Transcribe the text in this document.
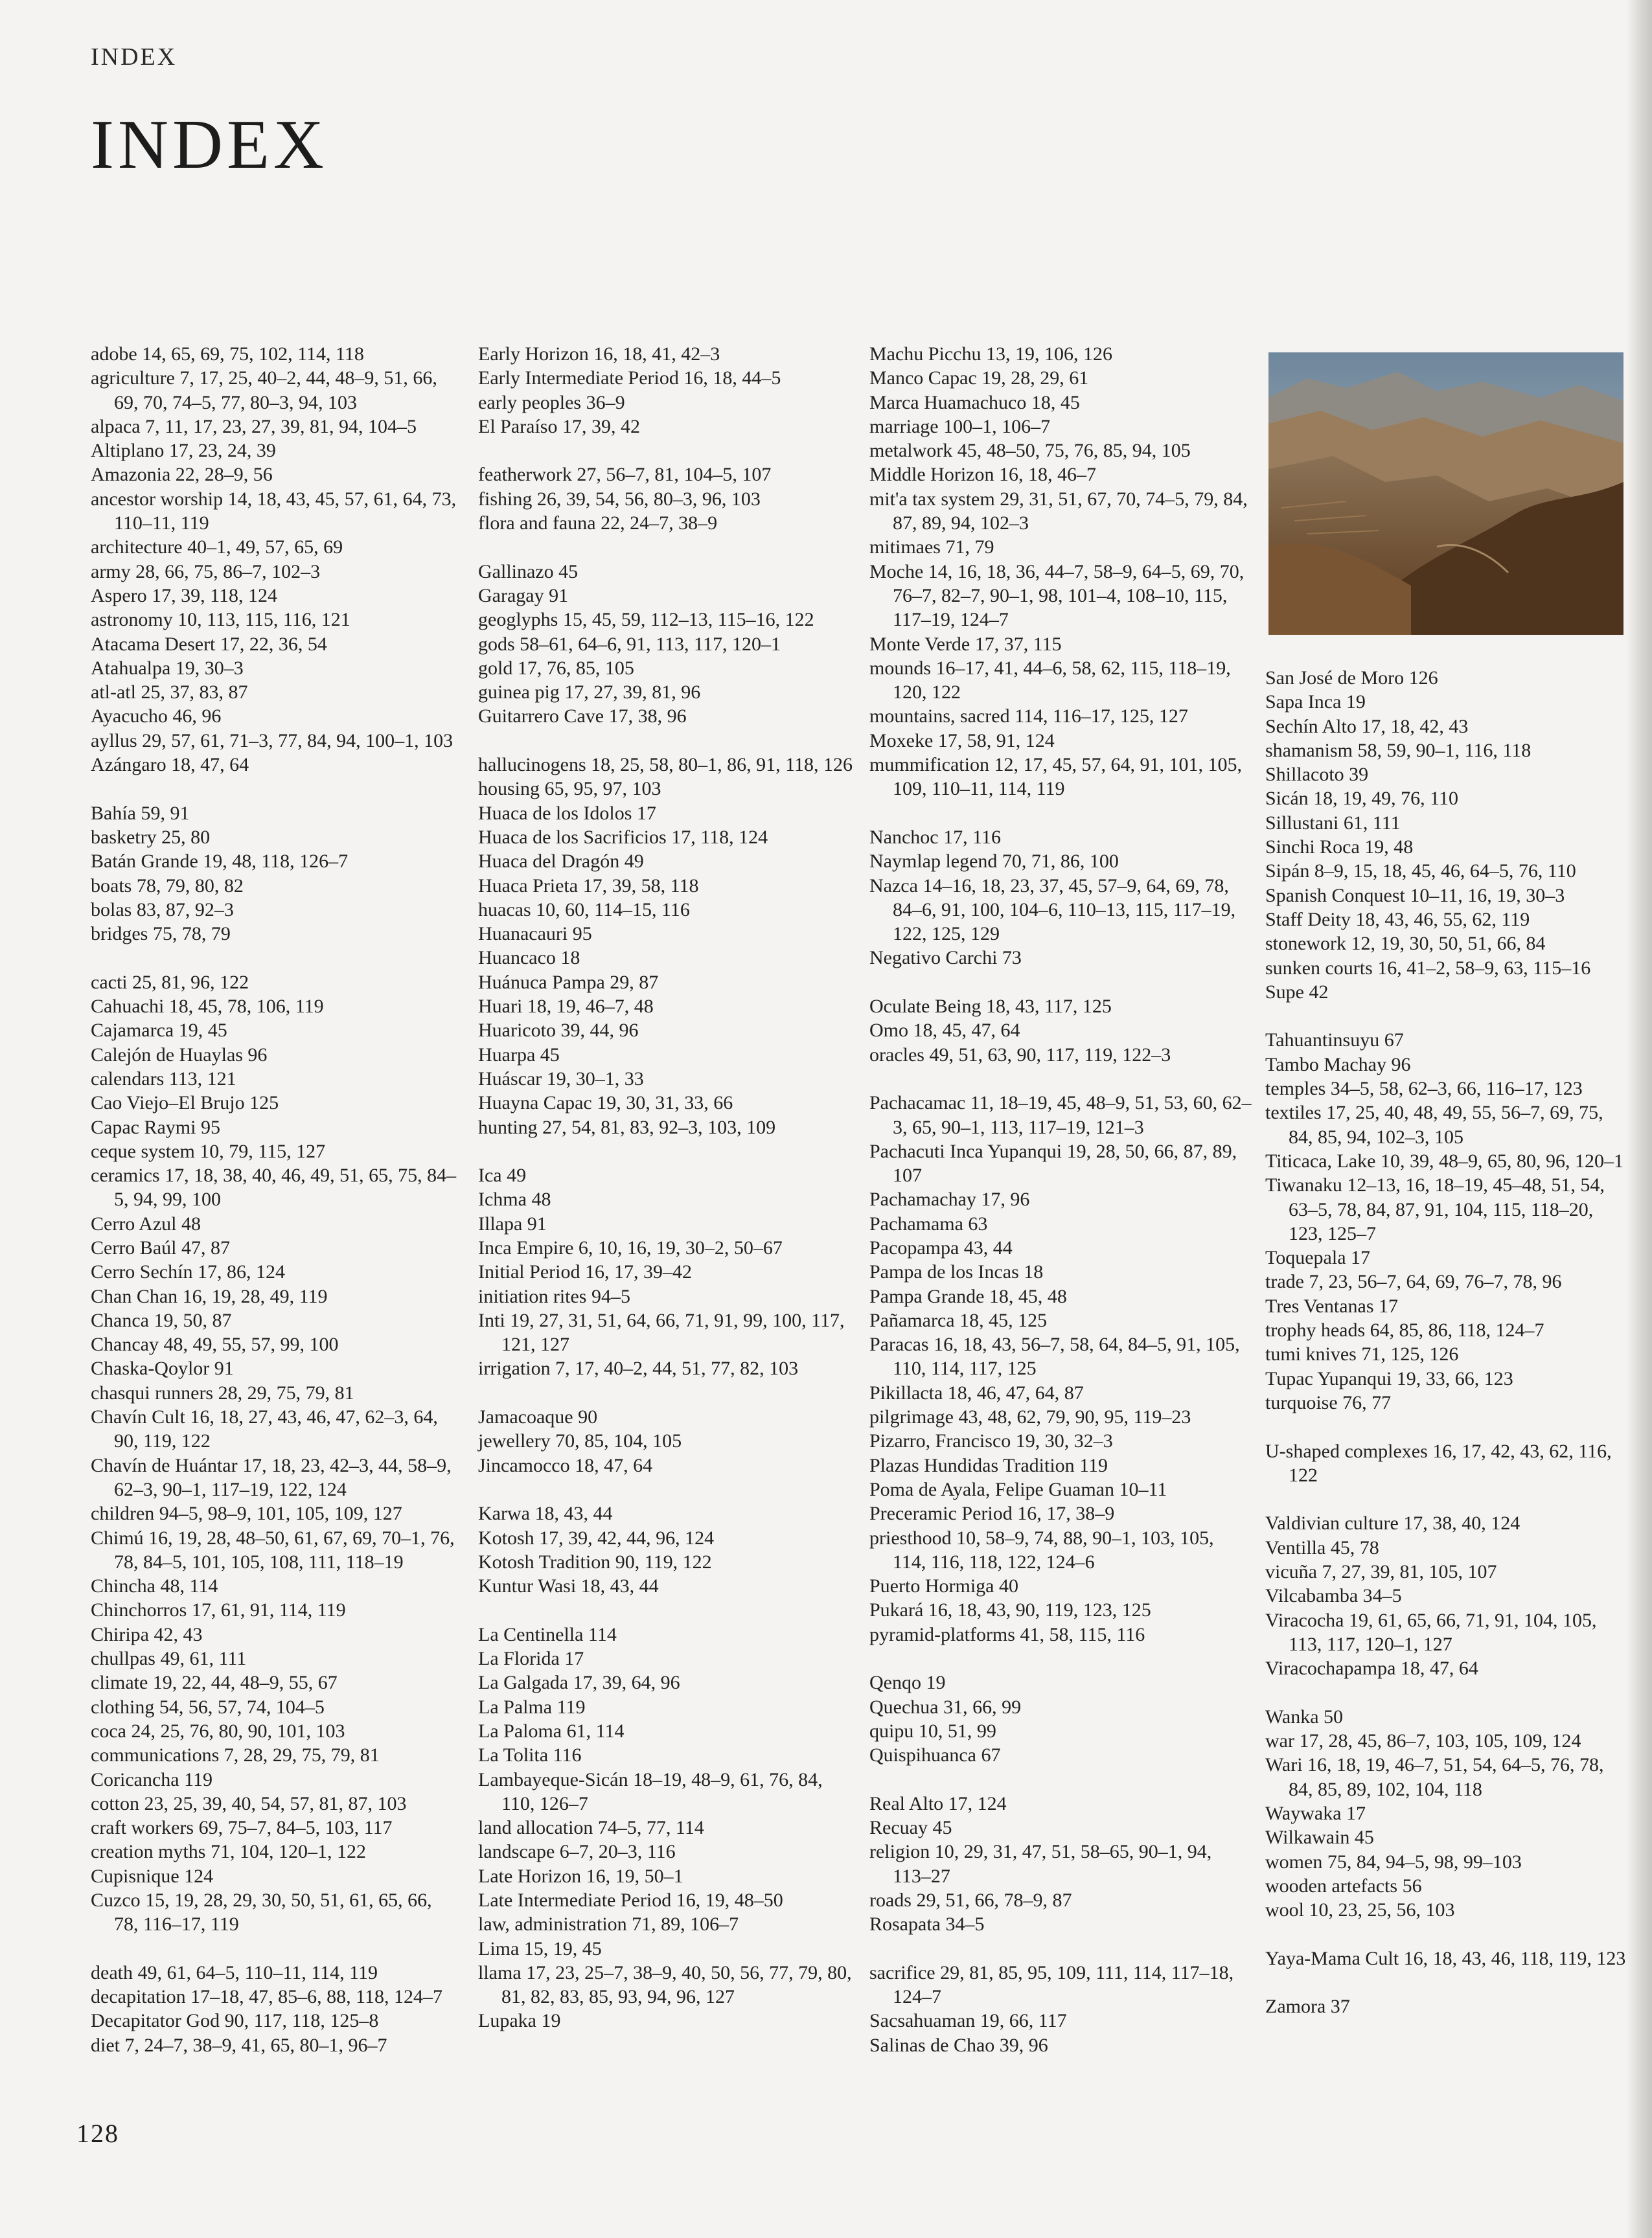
INDEX
INDEX
adobe 14, 65, 69, 75, 102, 114, 118
agriculture 7, 17, 25, 40–2, 44, 48–9, 51, 66, 69, 70, 74–5, 77, 80–3, 94, 103
alpaca 7, 11, 17, 23, 27, 39, 81, 94, 104–5
Altiplano 17, 23, 24, 39
Amazonia 22, 28–9, 56
ancestor worship 14, 18, 43, 45, 57, 61, 64, 73, 110–11, 119
architecture 40–1, 49, 57, 65, 69
army 28, 66, 75, 86–7, 102–3
Aspero 17, 39, 118, 124
astronomy 10, 113, 115, 116, 121
Atacama Desert 17, 22, 36, 54
Atahualpa 19, 30–3
atl-atl 25, 37, 83, 87
Ayacucho 46, 96
ayllus 29, 57, 61, 71–3, 77, 84, 94, 100–1, 103
Azángaro 18, 47, 64
Bahía 59, 91
basketry 25, 80
Batán Grande 19, 48, 118, 126–7
boats 78, 79, 80, 82
bolas 83, 87, 92–3
bridges 75, 78, 79
cacti 25, 81, 96, 122
Cahuachi 18, 45, 78, 106, 119
Cajamarca 19, 45
Calejón de Huaylas 96
calendars 113, 121
Cao Viejo–El Brujo 125
Capac Raymi 95
ceque system 10, 79, 115, 127
ceramics 17, 18, 38, 40, 46, 49, 51, 65, 75, 84–5, 94, 99, 100
Cerro Azul 48
Cerro Baúl 47, 87
Cerro Sechín 17, 86, 124
Chan Chan 16, 19, 28, 49, 119
Chanca 19, 50, 87
Chancay 48, 49, 55, 57, 99, 100
Chaska-Qoylor 91
chasqui runners 28, 29, 75, 79, 81
Chavín Cult 16, 18, 27, 43, 46, 47, 62–3, 64, 90, 119, 122
Chavín de Huántar 17, 18, 23, 42–3, 44, 58–9, 62–3, 90–1, 117–19, 122, 124
children 94–5, 98–9, 101, 105, 109, 127
Chimú 16, 19, 28, 48–50, 61, 67, 69, 70–1, 76, 78, 84–5, 101, 105, 108, 111, 118–19
Chincha 48, 114
Chinchorros 17, 61, 91, 114, 119
Chiripa 42, 43
chullpas 49, 61, 111
climate 19, 22, 44, 48–9, 55, 67
clothing 54, 56, 57, 74, 104–5
coca 24, 25, 76, 80, 90, 101, 103
communications 7, 28, 29, 75, 79, 81
Coricancha 119
cotton 23, 25, 39, 40, 54, 57, 81, 87, 103
craft workers 69, 75–7, 84–5, 103, 117
creation myths 71, 104, 120–1, 122
Cupisnique 124
Cuzco 15, 19, 28, 29, 30, 50, 51, 61, 65, 66, 78, 116–17, 119
death 49, 61, 64–5, 110–11, 114, 119
decapitation 17–18, 47, 85–6, 88, 118, 124–7
Decapitator God 90, 117, 118, 125–8
diet 7, 24–7, 38–9, 41, 65, 80–1, 96–7
Early Horizon 16, 18, 41, 42–3
Early Intermediate Period 16, 18, 44–5
early peoples 36–9
El Paraíso 17, 39, 42
featherwork 27, 56–7, 81, 104–5, 107
fishing 26, 39, 54, 56, 80–3, 96, 103
flora and fauna 22, 24–7, 38–9
Gallinazo 45
Garagay 91
geoglyphs 15, 45, 59, 112–13, 115–16, 122
gods 58–61, 64–6, 91, 113, 117, 120–1
gold 17, 76, 85, 105
guinea pig 17, 27, 39, 81, 96
Guitarrero Cave 17, 38, 96
hallucinogens 18, 25, 58, 80–1, 86, 91, 118, 126
housing 65, 95, 97, 103
Huaca de los Idolos 17
Huaca de los Sacrificios 17, 118, 124
Huaca del Dragón 49
Huaca Prieta 17, 39, 58, 118
huacas 10, 60, 114–15, 116
Huanacauri 95
Huancaco 18
Huánuca Pampa 29, 87
Huari 18, 19, 46–7, 48
Huaricoto 39, 44, 96
Huarpa 45
Huáscar 19, 30–1, 33
Huayna Capac 19, 30, 31, 33, 66
hunting 27, 54, 81, 83, 92–3, 103, 109
Ica 49
Ichma 48
Illapa 91
Inca Empire 6, 10, 16, 19, 30–2, 50–67
Initial Period 16, 17, 39–42
initiation rites 94–5
Inti 19, 27, 31, 51, 64, 66, 71, 91, 99, 100, 117, 121, 127
irrigation 7, 17, 40–2, 44, 51, 77, 82, 103
Jamacoaque 90
jewellery 70, 85, 104, 105
Jincamocco 18, 47, 64
Karwa 18, 43, 44
Kotosh 17, 39, 42, 44, 96, 124
Kotosh Tradition 90, 119, 122
Kuntur Wasi 18, 43, 44
La Centinella 114
La Florida 17
La Galgada 17, 39, 64, 96
La Palma 119
La Paloma 61, 114
La Tolita 116
Lambayeque-Sicán 18–19, 48–9, 61, 76, 84, 110, 126–7
land allocation 74–5, 77, 114
landscape 6–7, 20–3, 116
Late Horizon 16, 19, 50–1
Late Intermediate Period 16, 19, 48–50
law, administration 71, 89, 106–7
Lima 15, 19, 45
llama 17, 23, 25–7, 38–9, 40, 50, 56, 77, 79, 80, 81, 82, 83, 85, 93, 94, 96, 127
Lupaka 19
Machu Picchu 13, 19, 106, 126
Manco Capac 19, 28, 29, 61
Marca Huamachuco 18, 45
marriage 100–1, 106–7
metalwork 45, 48–50, 75, 76, 85, 94, 105
Middle Horizon 16, 18, 46–7
mit'a tax system 29, 31, 51, 67, 70, 74–5, 79, 84, 87, 89, 94, 102–3
mitimaes 71, 79
Moche 14, 16, 18, 36, 44–7, 58–9, 64–5, 69, 70, 76–7, 82–7, 90–1, 98, 101–4, 108–10, 115, 117–19, 124–7
Monte Verde 17, 37, 115
mounds 16–17, 41, 44–6, 58, 62, 115, 118–19, 120, 122
mountains, sacred 114, 116–17, 125, 127
Moxeke 17, 58, 91, 124
mummification 12, 17, 45, 57, 64, 91, 101, 105, 109, 110–11, 114, 119
Nanchoc 17, 116
Naymlap legend 70, 71, 86, 100
Nazca 14–16, 18, 23, 37, 45, 57–9, 64, 69, 78, 84–6, 91, 100, 104–6, 110–13, 115, 117–19, 122, 125, 129
Negativo Carchi 73
Oculate Being 18, 43, 117, 125
Omo 18, 45, 47, 64
oracles 49, 51, 63, 90, 117, 119, 122–3
Pachacamac 11, 18–19, 45, 48–9, 51, 53, 60, 62–3, 65, 90–1, 113, 117–19, 121–3
Pachacuti Inca Yupanqui 19, 28, 50, 66, 87, 89, 107
Pachamachay 17, 96
Pachamama 63
Pacopampa 43, 44
Pampa de los Incas 18
Pampa Grande 18, 45, 48
Pañamarca 18, 45, 125
Paracas 16, 18, 43, 56–7, 58, 64, 84–5, 91, 105, 110, 114, 117, 125
Pikillacta 18, 46, 47, 64, 87
pilgrimage 43, 48, 62, 79, 90, 95, 119–23
Pizarro, Francisco 19, 30, 32–3
Plazas Hundidas Tradition 119
Poma de Ayala, Felipe Guaman 10–11
Preceramic Period 16, 17, 38–9
priesthood 10, 58–9, 74, 88, 90–1, 103, 105, 114, 116, 118, 122, 124–6
Puerto Hormiga 40
Pukará 16, 18, 43, 90, 119, 123, 125
pyramid-platforms 41, 58, 115, 116
Qenqo 19
Quechua 31, 66, 99
quipu 10, 51, 99
Quispihuanca 67
Real Alto 17, 124
Recuay 45
religion 10, 29, 31, 47, 51, 58–65, 90–1, 94, 113–27
roads 29, 51, 66, 78–9, 87
Rosapata 34–5
sacrifice 29, 81, 85, 95, 109, 111, 114, 117–18, 124–7
Sacsahuaman 19, 66, 117
Salinas de Chao 39, 96
San José de Moro 126
Sapa Inca 19
Sechín Alto 17, 18, 42, 43
shamanism 58, 59, 90–1, 116, 118
Shillacoto 39
Sicán 18, 19, 49, 76, 110
Sillustani 61, 111
Sinchi Roca 19, 48
Sipán 8–9, 15, 18, 45, 46, 64–5, 76, 110
Spanish Conquest 10–11, 16, 19, 30–3
Staff Deity 18, 43, 46, 55, 62, 119
stonework 12, 19, 30, 50, 51, 66, 84
sunken courts 16, 41–2, 58–9, 63, 115–16
Supe 42
Tahuantinsuyu 67
Tambo Machay 96
temples 34–5, 58, 62–3, 66, 116–17, 123
textiles 17, 25, 40, 48, 49, 55, 56–7, 69, 75, 84, 85, 94, 102–3, 105
Titicaca, Lake 10, 39, 48–9, 65, 80, 96, 120–1
Tiwanaku 12–13, 16, 18–19, 45–48, 51, 54, 63–5, 78, 84, 87, 91, 104, 115, 118–20, 123, 125–7
Toquepala 17
trade 7, 23, 56–7, 64, 69, 76–7, 78, 96
Tres Ventanas 17
trophy heads 64, 85, 86, 118, 124–7
tumi knives 71, 125, 126
Tupac Yupanqui 19, 33, 66, 123
turquoise 76, 77
U-shaped complexes 16, 17, 42, 43, 62, 116, 122
Valdivian culture 17, 38, 40, 124
Ventilla 45, 78
vicuña 7, 27, 39, 81, 105, 107
Vilcabamba 34–5
Viracocha 19, 61, 65, 66, 71, 91, 104, 105, 113, 117, 120–1, 127
Viracochapampa 18, 47, 64
Wanka 50
war 17, 28, 45, 86–7, 103, 105, 109, 124
Wari 16, 18, 19, 46–7, 51, 54, 64–5, 76, 78, 84, 85, 89, 102, 104, 118
Waywaka 17
Wilkawain 45
women 75, 84, 94–5, 98, 99–103
wooden artefacts 56
wool 10, 23, 25, 56, 103
Yaya-Mama Cult 16, 18, 43, 46, 118, 119, 123
Zamora 37
128
